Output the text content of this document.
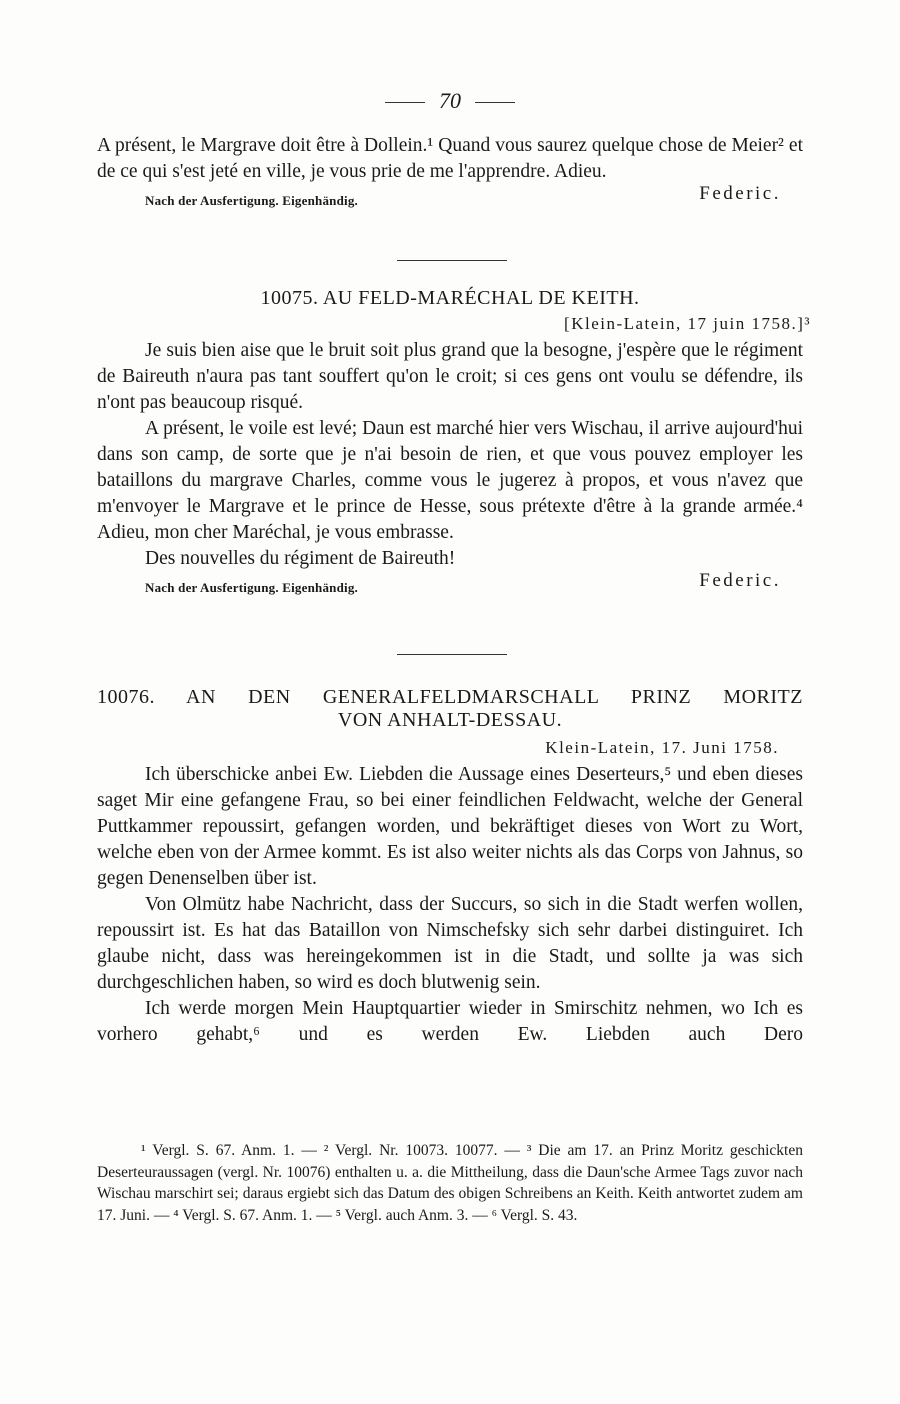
70

A présent, le Margrave doit être à Dollein.¹ Quand vous saurez quelque chose de Meier² et de ce qui s'est jeté en ville, je vous prie de me l'apprendre. Adieu.

Nach der Ausfertigung. Eigenhändig.	Federic.
10075. AU FELD-MARÉCHAL DE KEITH.
[Klein-Latein, 17 juin 1758.]³

Je suis bien aise que le bruit soit plus grand que la besogne, j'espère que le régiment de Baireuth n'aura pas tant souffert qu'on le croit; si ces gens ont voulu se défendre, ils n'ont pas beaucoup risqué.

A présent, le voile est levé; Daun est marché hier vers Wischau, il arrive aujourd'hui dans son camp, de sorte que je n'ai besoin de rien, et que vous pouvez employer les bataillons du margrave Charles, comme vous le jugerez à propos, et vous n'avez que m'envoyer le Margrave et le prince de Hesse, sous prétexte d'être à la grande armée.⁴ Adieu, mon cher Maréchal, je vous embrasse.

Des nouvelles du régiment de Baireuth!

Nach der Ausfertigung. Eigenhändig.	Federic.
10076. AN DEN GENERALFELDMARSCHALL PRINZ MORITZ
VON ANHALT-DESSAU.
Klein-Latein, 17. Juni 1758.

Ich überschicke anbei Ew. Liebden die Aussage eines Deserteurs,⁵ und eben dieses saget Mir eine gefangene Frau, so bei einer feindlichen Feldwacht, welche der General Puttkammer repoussirt, gefangen worden, und bekräftiget dieses von Wort zu Wort, welche eben von der Armee kommt. Es ist also weiter nichts als das Corps von Jahnus, so gegen Denenselben über ist.

Von Olmütz habe Nachricht, dass der Succurs, so sich in die Stadt werfen wollen, repoussirt ist. Es hat das Bataillon von Nimschefsky sich sehr darbei distinguiret. Ich glaube nicht, dass was hereingekommen ist in die Stadt, und sollte ja was sich durchgeschlichen haben, so wird es doch blutwenig sein.

Ich werde morgen Mein Hauptquartier wieder in Smirschitz nehmen, wo Ich es vorhero gehabt,⁶ und es werden Ew. Liebden auch Dero

¹ Vergl. S. 67. Anm. 1. — ² Vergl. Nr. 10073. 10077. — ³ Die am 17. an Prinz Moritz geschickten Deserteuraussagen (vergl. Nr. 10076) enthalten u. a. die Mittheilung, dass die Daun'sche Armee Tags zuvor nach Wischau marschirt sei; daraus ergiebt sich das Datum des obigen Schreibens an Keith. Keith antwortet zudem am 17. Juni. — ⁴ Vergl. S. 67. Anm. 1. — ⁵ Vergl. auch Anm. 3. — ⁶ Vergl. S. 43.
